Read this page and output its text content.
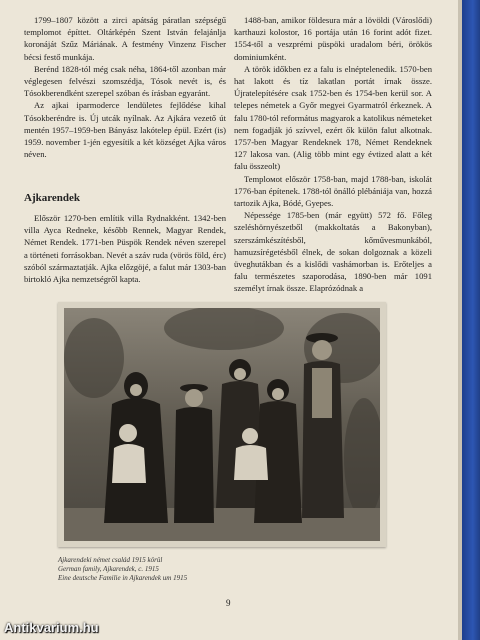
1799–1807 között a zirci apátság páratlan szépségű templomot építtet. Oltárképén Szent István felajánlja koronáját Szűz Máriának. A festmény Vinzenz Fischer bécsi festő munkája.

Berénd 1828-tól még csak néha, 1864-től azonban már véglegesen felvészi szomszédja, Tósok nevét is, és Tósokberendként szerepel szóban és írásban egyaránt.

Az ajkai iparmoderce lendületes fejlődése kihal Tósokberéndre is. Új utcák nyílnak. Az Ajkára vezető út mentén 1957–1959-ben Bányász lakótelep épül. Ezért (is) 1959. november 1-jén egyesítik a két községet Ajka város néven.

Ajkarendek

Először 1270-ben említik villa Rydnakként. 1342-ben villa Ayca Rednekе, később Rennek, Magyar Rendek, Német Rendek. 1771-ben Püspök Rendek néven szerepel a történeti forrásokban. Nevét a száv ruda (vörös föld, érc) szóból származtatják. Ajka előzgöjé, a falut már 1303-ban birtokló Ajka nemzetségről kapta.

1488-ban, amikor földesura már a lövöldi (Városlődi) karthauzi kolostor, 16 portája után 16 forint adót fizet. 1554-től a veszprémi püspöki uradalom béri, örökös dominiumként.

A török időkben ez a falu is elnéptelenedik. 1570-ben hat lakott és tíz lakatlan portát írnak össze. Újratelepítésére csak 1752-ben és 1754-ben kerül sor. A telepes németek a Győr megyei Gyarmatról érkeznek. A falu 1780-tól református magyarok a katolikus németeket nem fogadják jó szívvel, ezért ők külön falut alkotnak. 1757-ben Magyar Rendeknek 178, Német Rendeknek 127 lakosa van. (Alig több mint egy évtized alatt a két falu összeolt)

Temploмot először 1758-ban, majd 1788-ban, iskolát 1776-ban építenek. 1788-tól önálló plébániája van, hozzá tartozik Ajka, Bódé, Gyepes.

Népessége 1785-ben (már együtt) 572 fő. Főleg szeléshörnyészetből (makkoltatás a Bakonyban), szerszámkészítésből, kőművesmunkából, hamuzsírégetésből élnek, de sokan dolgoznak a közeli üveghutákban és a kislődi vashámorban is. Erőteljes a falu természetes szaporodása, 1890-ben már 1091 személyt írnak össze. Elaprózódnak a

Ajkarendeki német család 1915 körül
German family, Ajkarendek, c. 1915
Eine deutsche Familie in Ajkarendek um 1915
9
Antikvarium.hu
